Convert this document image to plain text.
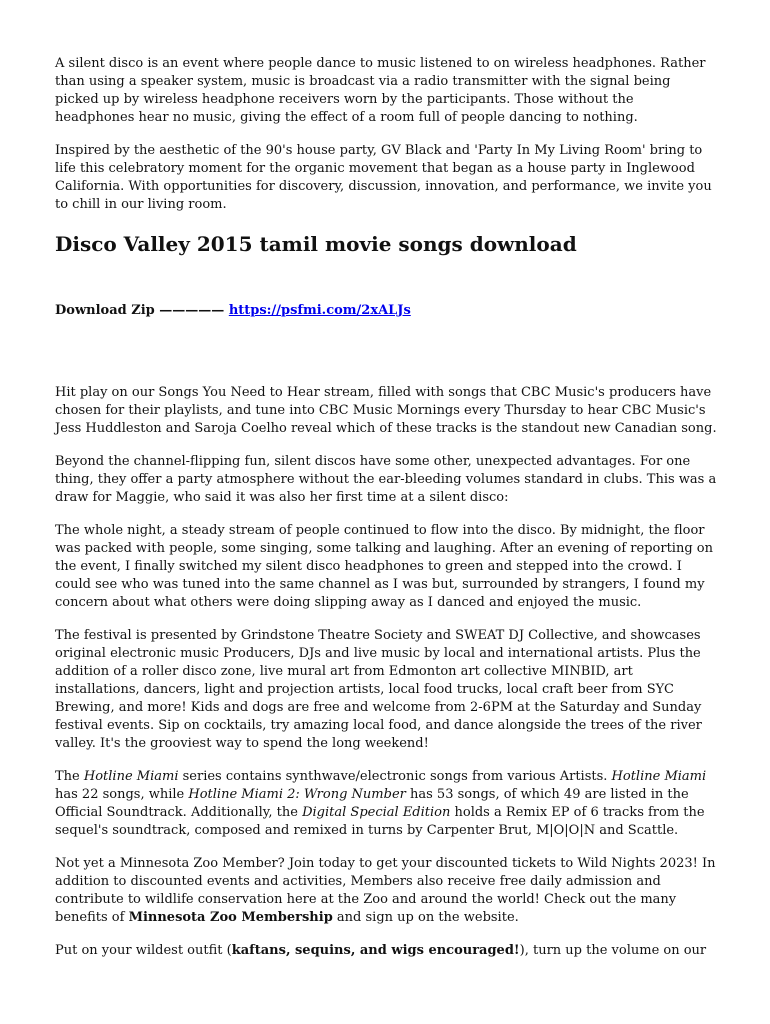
A silent disco is an event where people dance to music listened to on wireless headphones. Rather than using a speaker system, music is broadcast via a radio transmitter with the signal being picked up by wireless headphone receivers worn by the participants. Those without the headphones hear no music, giving the effect of a room full of people dancing to nothing.

Inspired by the aesthetic of the 90's house party, GV Black and 'Party In My Living Room' bring to life this celebratory moment for the organic movement that began as a house party in Inglewood California. With opportunities for discovery, discussion, innovation, and performance, we invite you to chill in our living room.

Disco Valley 2015 tamil movie songs download
Download Zip ————— https://psfmi.com/2xALJs

Hit play on our Songs You Need to Hear stream, filled with songs that CBC Music's producers have chosen for their playlists, and tune into CBC Music Mornings every Thursday to hear CBC Music's Jess Huddleston and Saroja Coelho reveal which of these tracks is the standout new Canadian song.

Beyond the channel-flipping fun, silent discos have some other, unexpected advantages. For one thing, they offer a party atmosphere without the ear-bleeding volumes standard in clubs. This was a draw for Maggie, who said it was also her first time at a silent disco:

The whole night, a steady stream of people continued to flow into the disco. By midnight, the floor was packed with people, some singing, some talking and laughing. After an evening of reporting on the event, I finally switched my silent disco headphones to green and stepped into the crowd. I could see who was tuned into the same channel as I was but, surrounded by strangers, I found my concern about what others were doing slipping away as I danced and enjoyed the music.

The festival is presented by Grindstone Theatre Society and SWEAT DJ Collective, and showcases original electronic music Producers, DJs and live music by local and international artists. Plus the addition of a roller disco zone, live mural art from Edmonton art collective MINBID, art installations, dancers, light and projection artists, local food trucks, local craft beer from SYC Brewing, and more! Kids and dogs are free and welcome from 2-6PM at the Saturday and Sunday festival events. Sip on cocktails, try amazing local food, and dance alongside the trees of the river valley. It's the grooviest way to spend the long weekend!

The Hotline Miami series contains synthwave/electronic songs from various Artists. Hotline Miami has 22 songs, while Hotline Miami 2: Wrong Number has 53 songs, of which 49 are listed in the Official Soundtrack. Additionally, the Digital Special Edition holds a Remix EP of 6 tracks from the sequel's soundtrack, composed and remixed in turns by Carpenter Brut, M|O|O|N and Scattle.

Not yet a Minnesota Zoo Member? Join today to get your discounted tickets to Wild Nights 2023! In addition to discounted events and activities, Members also receive free daily admission and contribute to wildlife conservation here at the Zoo and around the world! Check out the many benefits of Minnesota Zoo Membership and sign up on the website.

Put on your wildest outfit (kaftans, sequins, and wigs encouraged!), turn up the volume on our
